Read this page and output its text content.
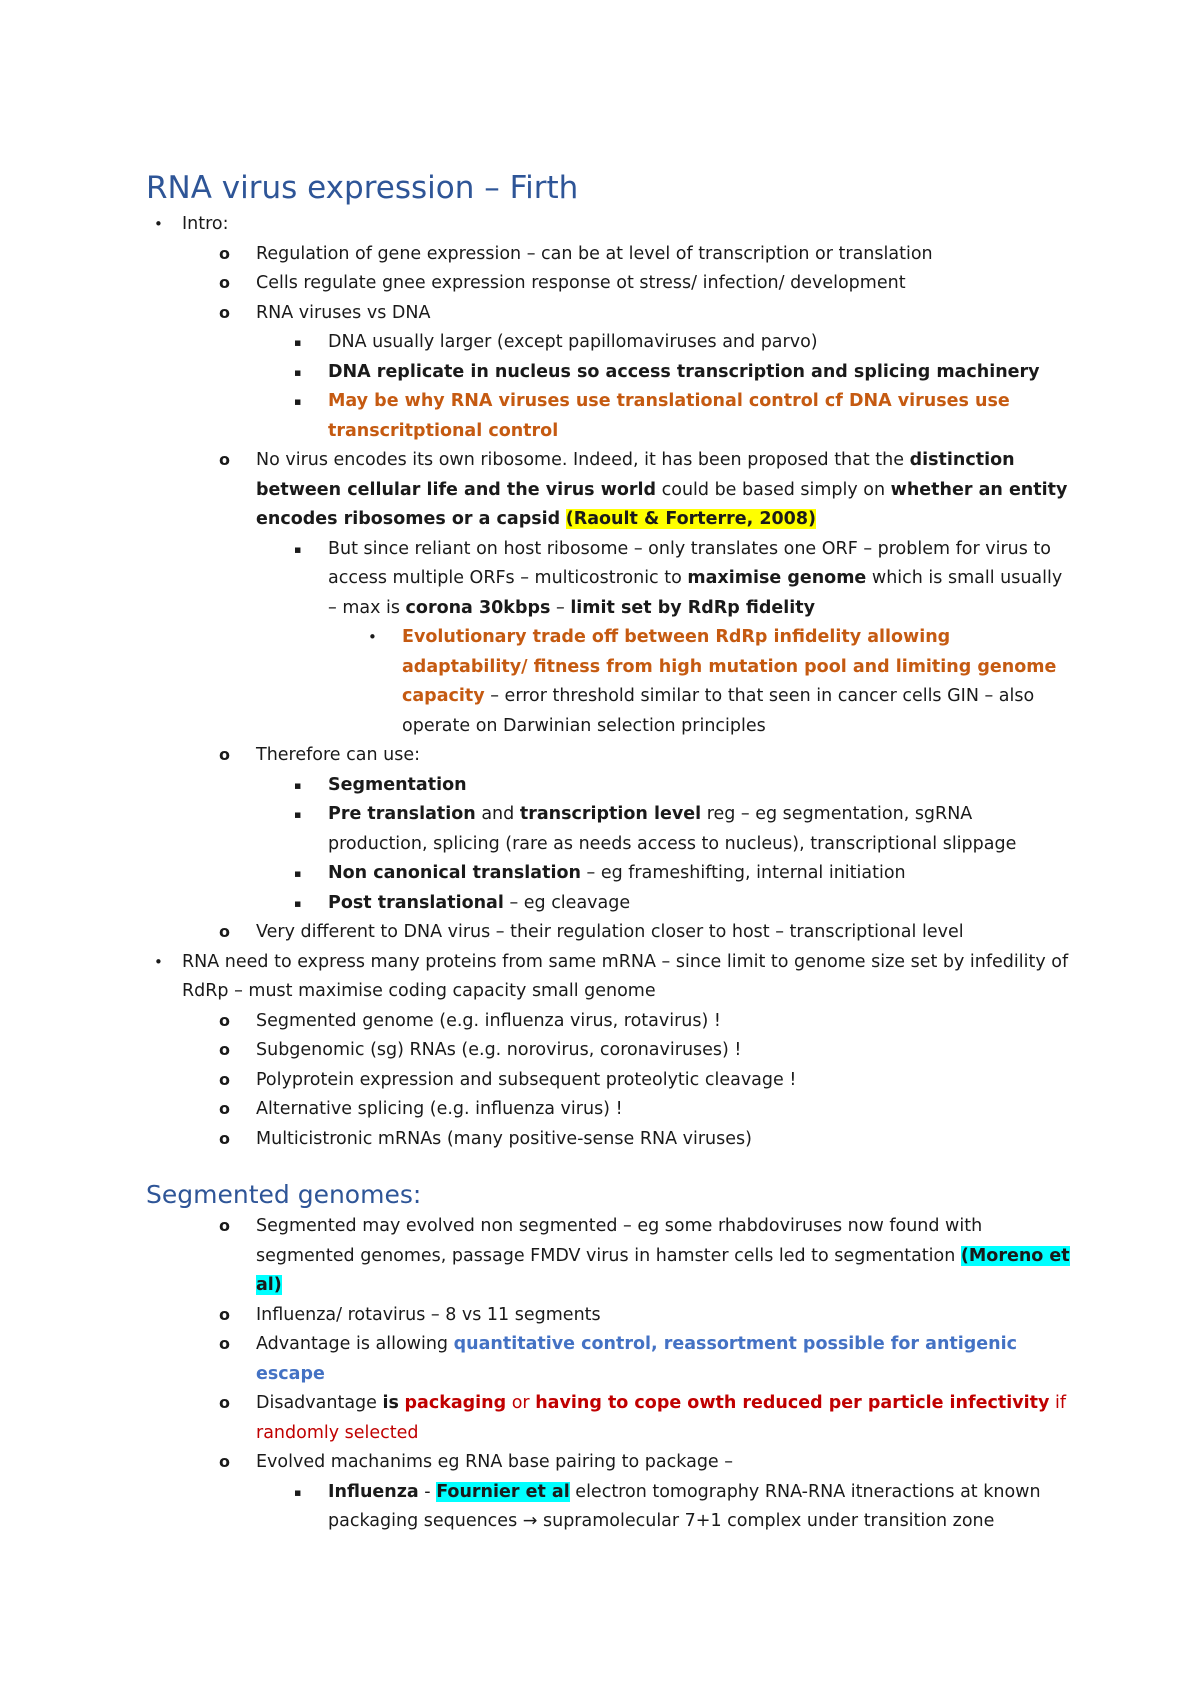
RNA virus expression – Firth
• Intro:
o Regulation of gene expression – can be at level of transcription or translation
o Cells regulate gnee expression response ot stress/ infection/ development
o RNA viruses vs DNA
▪ DNA usually larger (except papillomaviruses and parvo)
▪ DNA replicate in nucleus so access transcription and splicing machinery
▪ May be why RNA viruses use translational control cf DNA viruses use transcritptional control
o No virus encodes its own ribosome. Indeed, it has been proposed that the distinction between cellular life and the virus world could be based simply on whether an entity encodes ribosomes or a capsid (Raoult & Forterre, 2008)
▪ But since reliant on host ribosome – only translates one ORF – problem for virus to access multiple ORFs – multicostronic to maximise genome which is small usually – max is corona 30kbps – limit set by RdRp fidelity
• Evolutionary trade off between RdRp infidelity allowing adaptability/ fitness from high mutation pool and limiting genome capacity – error threshold similar to that seen in cancer cells GIN – also operate on Darwinian selection principles
o Therefore can use:
▪ Segmentation
▪ Pre translation and transcription level reg – eg segmentation, sgRNA production, splicing (rare as needs access to nucleus), transcriptional slippage
▪ Non canonical translation – eg frameshifting, internal initiation
▪ Post translational – eg cleavage
o Very different to DNA virus – their regulation closer to host – transcriptional level
• RNA need to express many proteins from same mRNA – since limit to genome size set by infedility of RdRp – must maximise coding capacity small genome
o Segmented genome (e.g. influenza virus, rotavirus) !
o Subgenomic (sg) RNAs (e.g. norovirus, coronaviruses) !
o Polyprotein expression and subsequent proteolytic cleavage !
o Alternative splicing (e.g. influenza virus) !
o Multicistronic mRNAs (many positive-sense RNA viruses)
Segmented genomes:
o Segmented may evolved non segmented – eg some rhabdoviruses now found with segmented genomes, passage FMDV virus in hamster cells led to segmentation (Moreno et al)
o Influenza/ rotavirus – 8 vs 11 segments
o Advantage is allowing quantitative control, reassortment possible for antigenic escape
o Disadvantage is packaging or having to cope owth reduced per particle infectivity if randomly selected
o Evolved machanims eg RNA base pairing to package –
▪ Influenza - Fournier et al electron tomography RNA-RNA itneractions at known packaging sequences → supramolecular 7+1 complex under transition zone
